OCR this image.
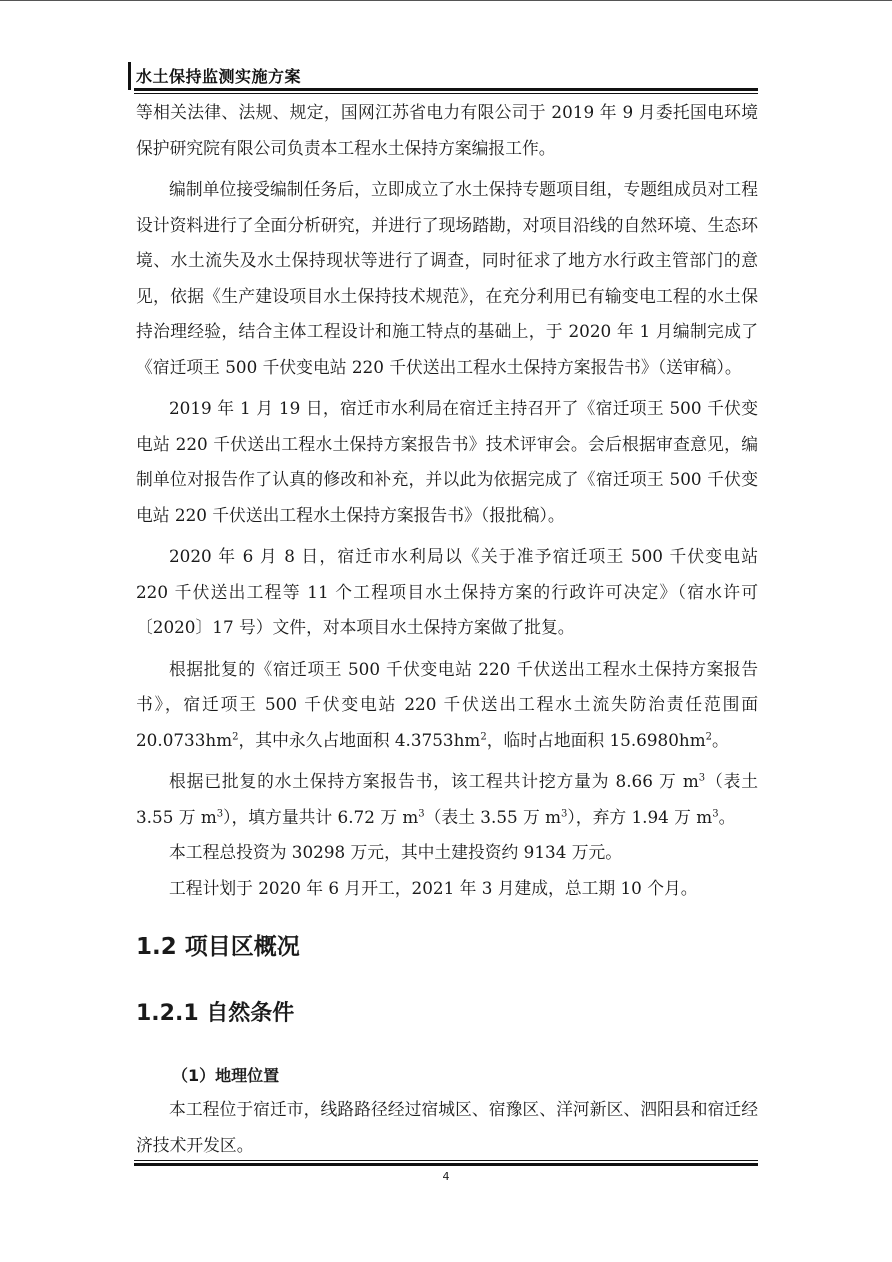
水土保持监测实施方案

等相关法律、法规、规定，国网江苏省电力有限公司于 2019 年 9 月委托国电环境保护研究院有限公司负责本工程水土保持方案编报工作。

编制单位接受编制任务后，立即成立了水土保持专题项目组，专题组成员对工程设计资料进行了全面分析研究，并进行了现场踏勘，对项目沿线的自然环境、生态环境、水土流失及水土保持现状等进行了调查，同时征求了地方水行政主管部门的意见，依据《生产建设项目水土保持技术规范》，在充分利用已有输变电工程的水土保持治理经验，结合主体工程设计和施工特点的基础上，于 2020 年 1 月编制完成了《宿迁项王 500 千伏变电站 220 千伏送出工程水土保持方案报告书》（送审稿）。

2019 年 1 月 19 日，宿迁市水利局在宿迁主持召开了《宿迁项王 500 千伏变电站 220 千伏送出工程水土保持方案报告书》技术评审会。会后根据审查意见，编制单位对报告作了认真的修改和补充，并以此为依据完成了《宿迁项王 500 千伏变电站 220 千伏送出工程水土保持方案报告书》（报批稿）。

2020 年 6 月 8 日，宿迁市水利局以《关于准予宿迁项王 500 千伏变电站 220 千伏送出工程等 11 个工程项目水土保持方案的行政许可决定》（宿水许可〔2020〕17 号）文件，对本项目水土保持方案做了批复。

根据批复的《宿迁项王 500 千伏变电站 220 千伏送出工程水土保持方案报告书》，宿迁项王 500 千伏变电站 220 千伏送出工程水土流失防治责任范围面 $20.0733hm^2$，其中永久占地面积 $4.3753hm^2$，临时占地面积 $15.6980hm^2$。

根据已批复的水土保持方案报告书，该工程共计挖方量为 8.66 万 $m^3$（表土 3.55 万 $m^3$），填方量共计 6.72 万 $m^3$（表土 3.55 万 $m^3$），弃方 1.94 万 $m^3$。

本工程总投资为 30298 万元，其中土建投资约 9134 万元。

工程计划于 2020 年 6 月开工，2021 年 3 月建成，总工期 10 个月。

1.2 项目区概况
1.2.1 自然条件
（1）地理位置

本工程位于宿迁市，线路路径经过宿城区、宿豫区、洋河新区、泗阳县和宿迁经济技术开发区。

4
